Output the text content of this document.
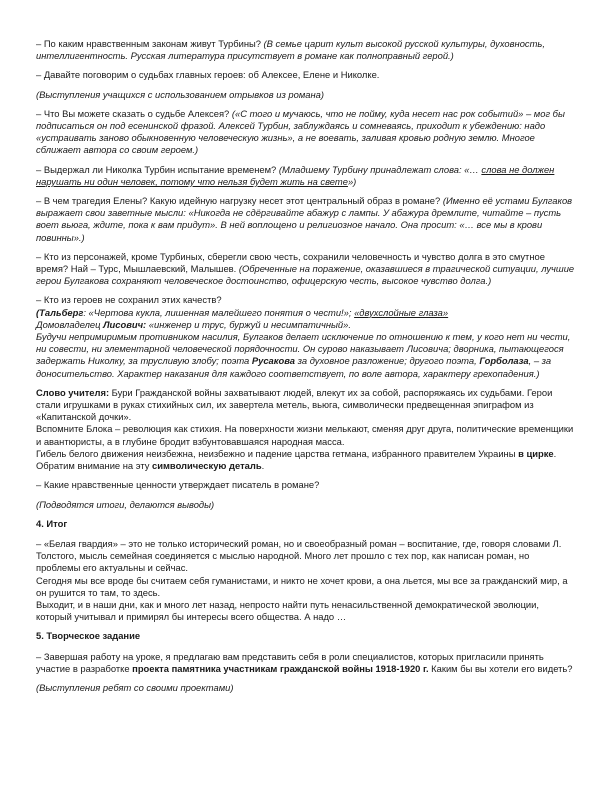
– По каким нравственным законам живут Турбины? (В семье царит культ высокой русской культуры, духовность, интеллигентность. Русская литература присутствует в романе как полноправный герой.)

– Давайте поговорим о судьбах главных героев: об Алексее, Елене и Николке.

(Выступления учащихся с использованием отрывков из романа)

– Что Вы можете сказать о судьбе Алексея? («С того и мучаюсь, что не пойму, куда несет нас рок событий» – мог бы подписаться он под есенинской фразой. Алексей Турбин, заблуждаясь и сомневаясь, приходит к убеждению: надо «устраивать заново обыкновенную человеческую жизнь», а не воевать, заливая кровью родную землю. Многое сближает автора со своим героем.)

– Выдержал ли Николка Турбин испытание временем? (Младшему Турбину принадлежат слова: «… слова не должен нарушать ни один человек, потому что нельзя будет жить на свете»)

– В чем трагедия Елены? Какую идейную нагрузку несет этот центральный образ в романе? (Именно её устами Булгаков выражает свои заветные мысли: «Никогда не сдёргивайте абажур с лампы. У абажура дремлите, читайте – пусть воет вьюга, ждите, пока к вам придут». В ней воплощено и религиозное начало. Она просит: «… все мы в крови повинны».)

– Кто из персонажей, кроме Турбиных, сберегли свою честь, сохранили человечность и чувство долга в это смутное время? Най – Турс, Мышлаевский, Малышев. (Обреченные на поражение, оказавшиеся в трагической ситуации, лучшие герои Булгакова сохраняют человеческое достоинство, офицерскую честь, высокое чувство долга.)

– Кто из героев не сохранил этих качеств?
(Тальберг: «Чертова кукла, лишенная малейшего понятия о чести!»; «двухслойные глаза»
Домовладелец Лисович: «инженер и трус, буржуй и несимпатичный».
Будучи непримиримым противником насилия, Булгаков делает исключение по отношению к тем, у кого нет ни чести, ни совести, ни элементарной человеческой порядочности. Он сурово наказывает Лисовича; дворника, пытающегося задержать Николку, за трусливую злобу; поэта Русакова за духовное разложение; другого поэта, Горболаза, – за доносительство. Характер наказания для каждого соответствует, по воле автора, характеру грехопадения.)

Слово учителя: Бури Гражданской войны захватывают людей, влекут их за собой, распоряжаясь их судьбами. Герои стали игрушками в руках стихийных сил, их завертела метель, вьюга, символически предвещенная эпиграфом из «Капитанской дочки».
Вспомните Блока – революция как стихия. На поверхности жизни мелькают, сменяя друг друга, политические временщики и авантюристы, а в глубине бродит взбунтовавшаяся народная масса.
Гибель белого движения неизбежна, неизбежно и падение царства гетмана, избранного правителем Украины в цирке. Обратим внимание на эту символическую деталь.

– Какие нравственные ценности утверждает писатель в романе?

(Подводятся итоги, делаются выводы)

4. Итог

– «Белая гвардия» – это не только исторический роман, но и своеобразный роман – воспитание, где, говоря словами Л. Толстого, мысль семейная соединяется с мыслью народной. Много лет прошло с тех пор, как написан роман, но проблемы его актуальны и сейчас.
Сегодня мы все вроде бы считаем себя гуманистами, и никто не хочет крови, а она льется, мы все за гражданский мир, а он рушится то там, то здесь.
Выходит, и в наши дни, как и много лет назад, непросто найти путь ненасильственной демократической эволюции, который учитывал и примирял бы интересы всего общества. А надо …

5. Творческое задание

– Завершая работу на уроке, я предлагаю вам представить себя в роли специалистов, которых пригласили принять участие в разработке проекта памятника участникам гражданской войны 1918-1920 г. Каким бы вы хотели его видеть?

(Выступления ребят со своими проектами)
